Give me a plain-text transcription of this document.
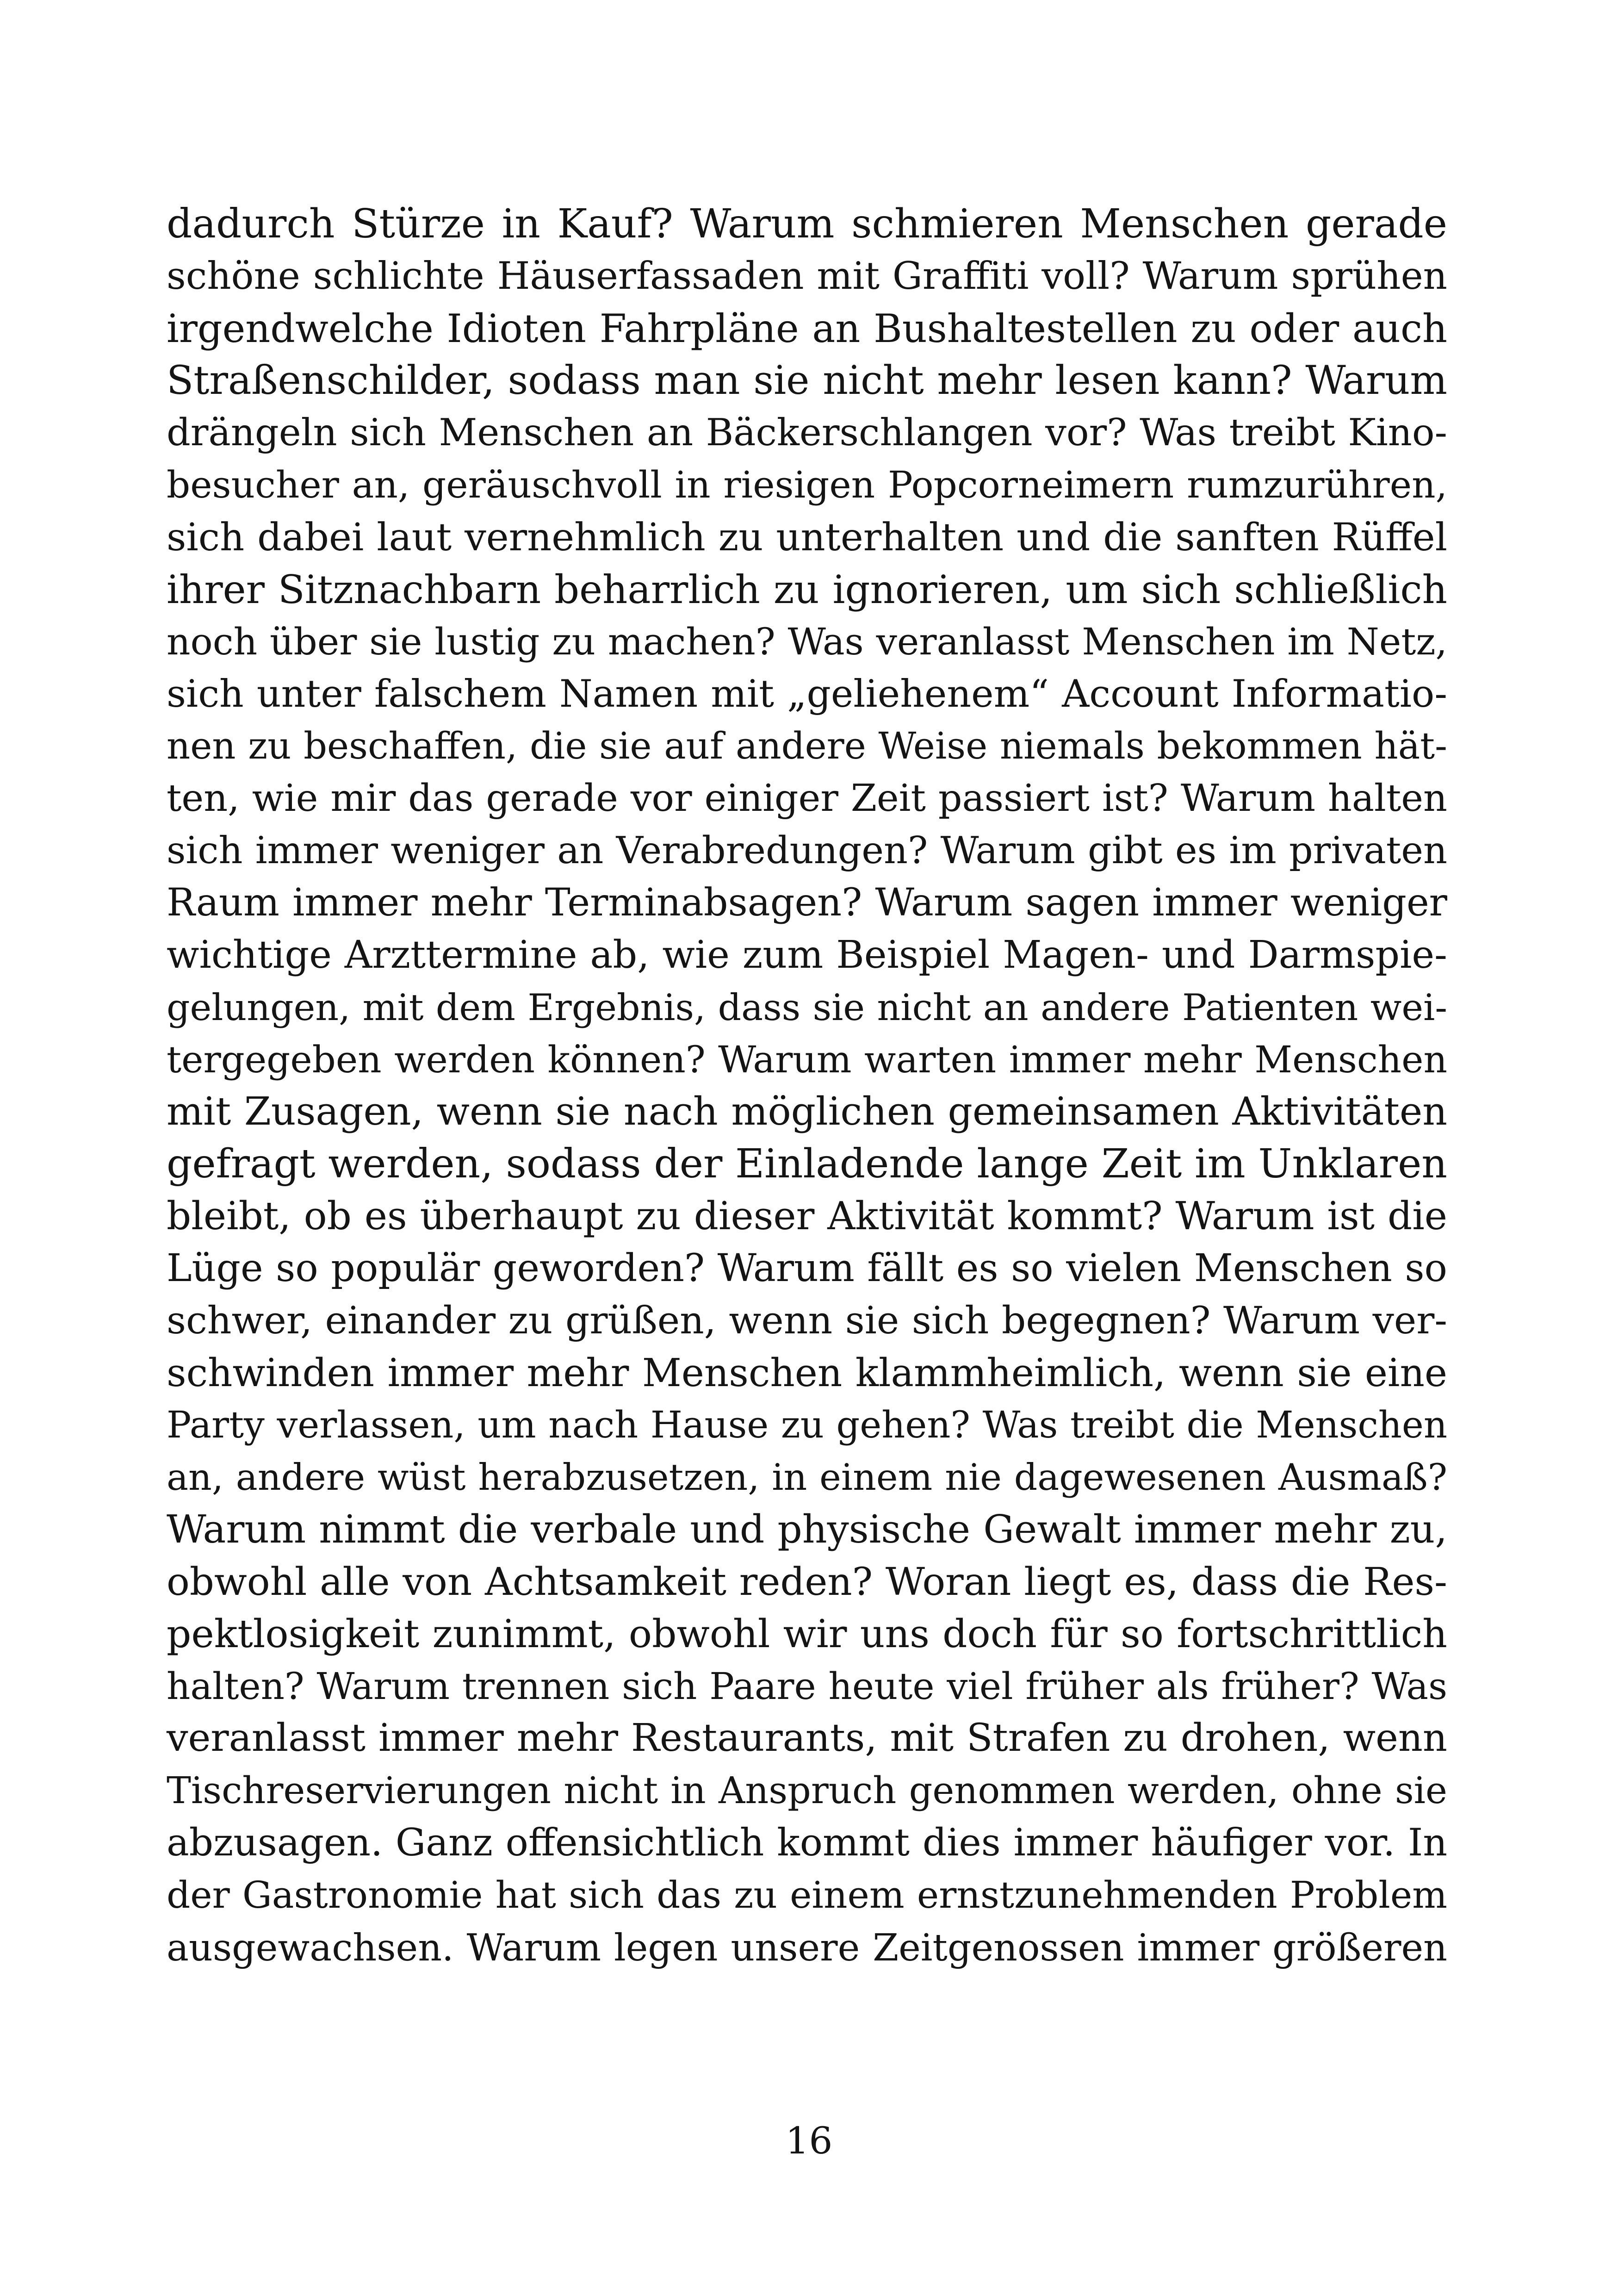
dadurch Stürze in Kauf? Warum schmieren Menschen gerade
schöne schlichte Häuserfassaden mit Graffiti voll? Warum sprühen
irgendwelche Idioten Fahrpläne an Bushaltestellen zu oder auch
Straßenschilder, sodass man sie nicht mehr lesen kann? Warum
drängeln sich Menschen an Bäckerschlangen vor? Was treibt Kino-
besucher an, geräuschvoll in riesigen Popcorneimern rumzurühren,
sich dabei laut vernehmlich zu unterhalten und die sanften Rüffel
ihrer Sitznachbarn beharrlich zu ignorieren, um sich schließlich
noch über sie lustig zu machen? Was veranlasst Menschen im Netz,
sich unter falschem Namen mit „geliehenem“ Account Informatio-
nen zu beschaffen, die sie auf andere Weise niemals bekommen hät-
ten, wie mir das gerade vor einiger Zeit passiert ist? Warum halten
sich immer weniger an Verabredungen? Warum gibt es im privaten
Raum immer mehr Terminabsagen? Warum sagen immer weniger
wichtige Arzttermine ab, wie zum Beispiel Magen- und Darmspie-
gelungen, mit dem Ergebnis, dass sie nicht an andere Patienten wei-
tergegeben werden können? Warum warten immer mehr Menschen
mit Zusagen, wenn sie nach möglichen gemeinsamen Aktivitäten
gefragt werden, sodass der Einladende lange Zeit im Unklaren
bleibt, ob es überhaupt zu dieser Aktivität kommt? Warum ist die
Lüge so populär geworden? Warum fällt es so vielen Menschen so
schwer, einander zu grüßen, wenn sie sich begegnen? Warum ver-
schwinden immer mehr Menschen klammheimlich, wenn sie eine
Party verlassen, um nach Hause zu gehen? Was treibt die Menschen
an, andere wüst herabzusetzen, in einem nie dagewesenen Ausmaß?
Warum nimmt die verbale und physische Gewalt immer mehr zu,
obwohl alle von Achtsamkeit reden? Woran liegt es, dass die Res-
pektlosigkeit zunimmt, obwohl wir uns doch für so fortschrittlich
halten? Warum trennen sich Paare heute viel früher als früher? Was
veranlasst immer mehr Restaurants, mit Strafen zu drohen, wenn
Tischreservierungen nicht in Anspruch genommen werden, ohne sie
abzusagen. Ganz offensichtlich kommt dies immer häufiger vor. In
der Gastronomie hat sich das zu einem ernstzunehmenden Problem
ausgewachsen. Warum legen unsere Zeitgenossen immer größeren

16
